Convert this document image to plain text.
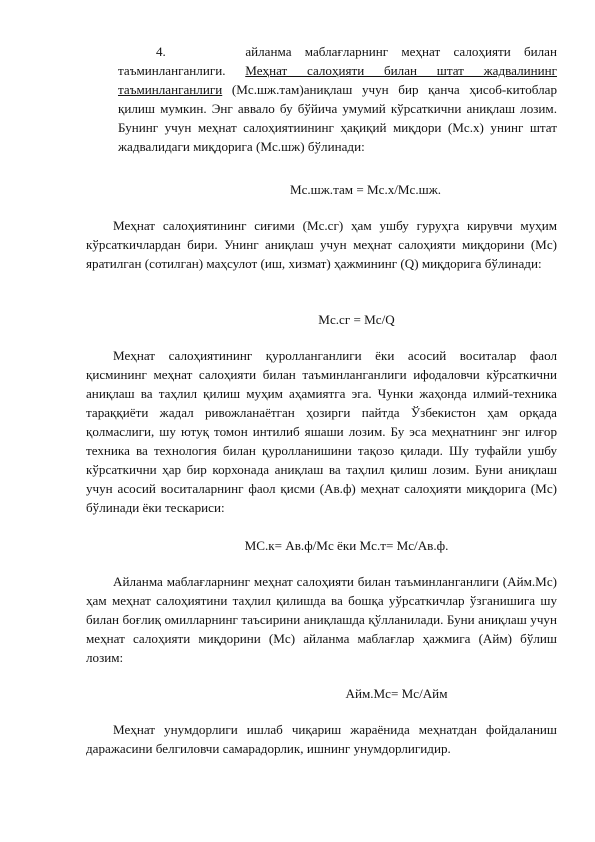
4.	айланма маблағларнинг меҳнат салоҳияти билан таъминланганлиги. Меҳнат салоҳияти билан штат жадвалининг таъминланганлиги (Мс.шж.там)аниқлаш учун бир қанча ҳисоб-китоблар қилиш мумкин. Энг аввало бу бўйича умумий кўрсаткични аниқлаш лозим. Бунинг учун меҳнат салоҳиятиининг ҳақиқий миқдори (Мс.х) унинг штат жадвалидаги миқдорига (Мс.шж) бўлинади:

Мс.шж.там = Мс.х/Мс.шж.

Меҳнат салоҳиятининг сиғими (Мс.сг) ҳам ушбу гуруҳга кирувчи муҳим кўрсаткичлардан бири. Унинг аниқлаш учун меҳнат салоҳияти миқдорини (Мс) яратилган (сотилган) маҳсулот (иш, хизмат) ҳажмининг (Q) миқдорига бўлинади:

Мс.сг = Мс/Q

Меҳнат салоҳиятининг қуролланганлиги ёки асосий воситалар фаол қисмининг меҳнат салоҳияти билан таъминланганлиги ифодаловчи кўрсаткични аниқлаш ва таҳлил қилиш муҳим аҳамиятга эга. Чунки жаҳонда илмий-техника тараққиёти жадал ривожланаётган ҳозирги пайтда Ўзбекистон ҳам орқада қолмаслиги, шу ютуқ томон интилиб яшаши лозим. Бу эса меҳнатнинг энг илғор техника ва технология билан қуролланишини тақозо қилади. Шу туфайли ушбу кўрсаткични ҳар бир корхонада аниқлаш ва таҳлил қилиш лозим. Буни аниқлаш учун асосий воситаларнинг фаол қисми (Ав.ф) меҳнат салоҳияти миқдорига (Мс) бўлинади ёки тескариси:

МС.к= Ав.ф/Мс ёки Мс.т= Мс/Ав.ф.

Айланма маблағларнинг меҳнат салоҳияти билан таъминланганлиги (Айм.Мс) ҳам меҳнат салоҳиятини таҳлил қилишда ва бошқа уўрсаткичлар ўзганишига шу билан боғлиқ омилларнинг таъсирини аниқлашда қўлланилади. Буни аниқлаш учун меҳнат салоҳияти миқдорини (Мс) айланма маблағлар ҳажмига (Айм) бўлиш лозим:

Айм.Мс= Мс/Айм

Меҳнат унумдорлиги ишлаб чиқариш жараёнида меҳнатдан фойдаланиш даражасини белгиловчи самарадорлик, ишнинг унумдорлигидир.
